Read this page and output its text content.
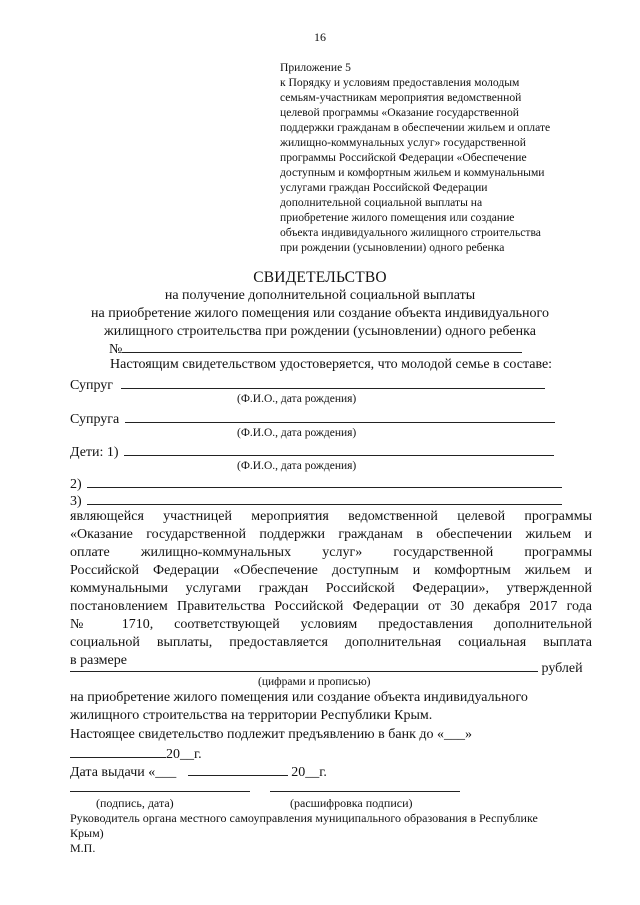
16
Приложение 5
к Порядку и условиям предоставления молодым
семьям-участникам мероприятия ведомственной
целевой программы «Оказание государственной
поддержки гражданам в обеспечении жильем и оплате
жилищно-коммунальных услуг» государственной
программы Российской Федерации «Обеспечение
доступным и комфортным жильем и коммунальными
услугами граждан Российской Федерации
дополнительной социальной выплаты на
приобретение жилого помещения или создание
объекта индивидуального жилищного строительства
при рождении (усыновлении) одного ребенка
СВИДЕТЕЛЬСТВО
на получение дополнительной социальной выплаты
на приобретение жилого помещения или создание объекта индивидуального
жилищного строительства при рождении (усыновлении) одного ребенка
№
Настоящим свидетельством удостоверяется, что молодой семье в составе:
Супруг
(Ф.И.О., дата рождения)
Супруга
(Ф.И.О., дата рождения)
Дети: 1)
(Ф.И.О., дата рождения)
2)
3)
являющейся участницей мероприятия ведомственной целевой программы
«Оказание государственной поддержки гражданам в обеспечении жильем и
оплате жилищно-коммунальных услуг» государственной программы
Российской Федерации «Обеспечение доступным и комфортным жильем и
коммунальными услугами граждан Российской Федерации», утвержденной
постановлением Правительства Российской Федерации от 30 декабря 2017 года
№ 1710, соответствующей условиям предоставления дополнительной
социальной выплаты, предоставляется дополнительная социальная выплата
в размере
рублей
(цифрами и прописью)
на приобретение жилого помещения или создание объекта индивидуального
жилищного строительства на территории Республики Крым.
Настоящее свидетельство подлежит предъявлению в банк до «___»
20__г.
Дата выдачи «___	20__г.
(подпись, дата)	(расшифровка подписи)
Руководитель органа местного самоуправления муниципального образования в Республике
Крым)
М.П.
